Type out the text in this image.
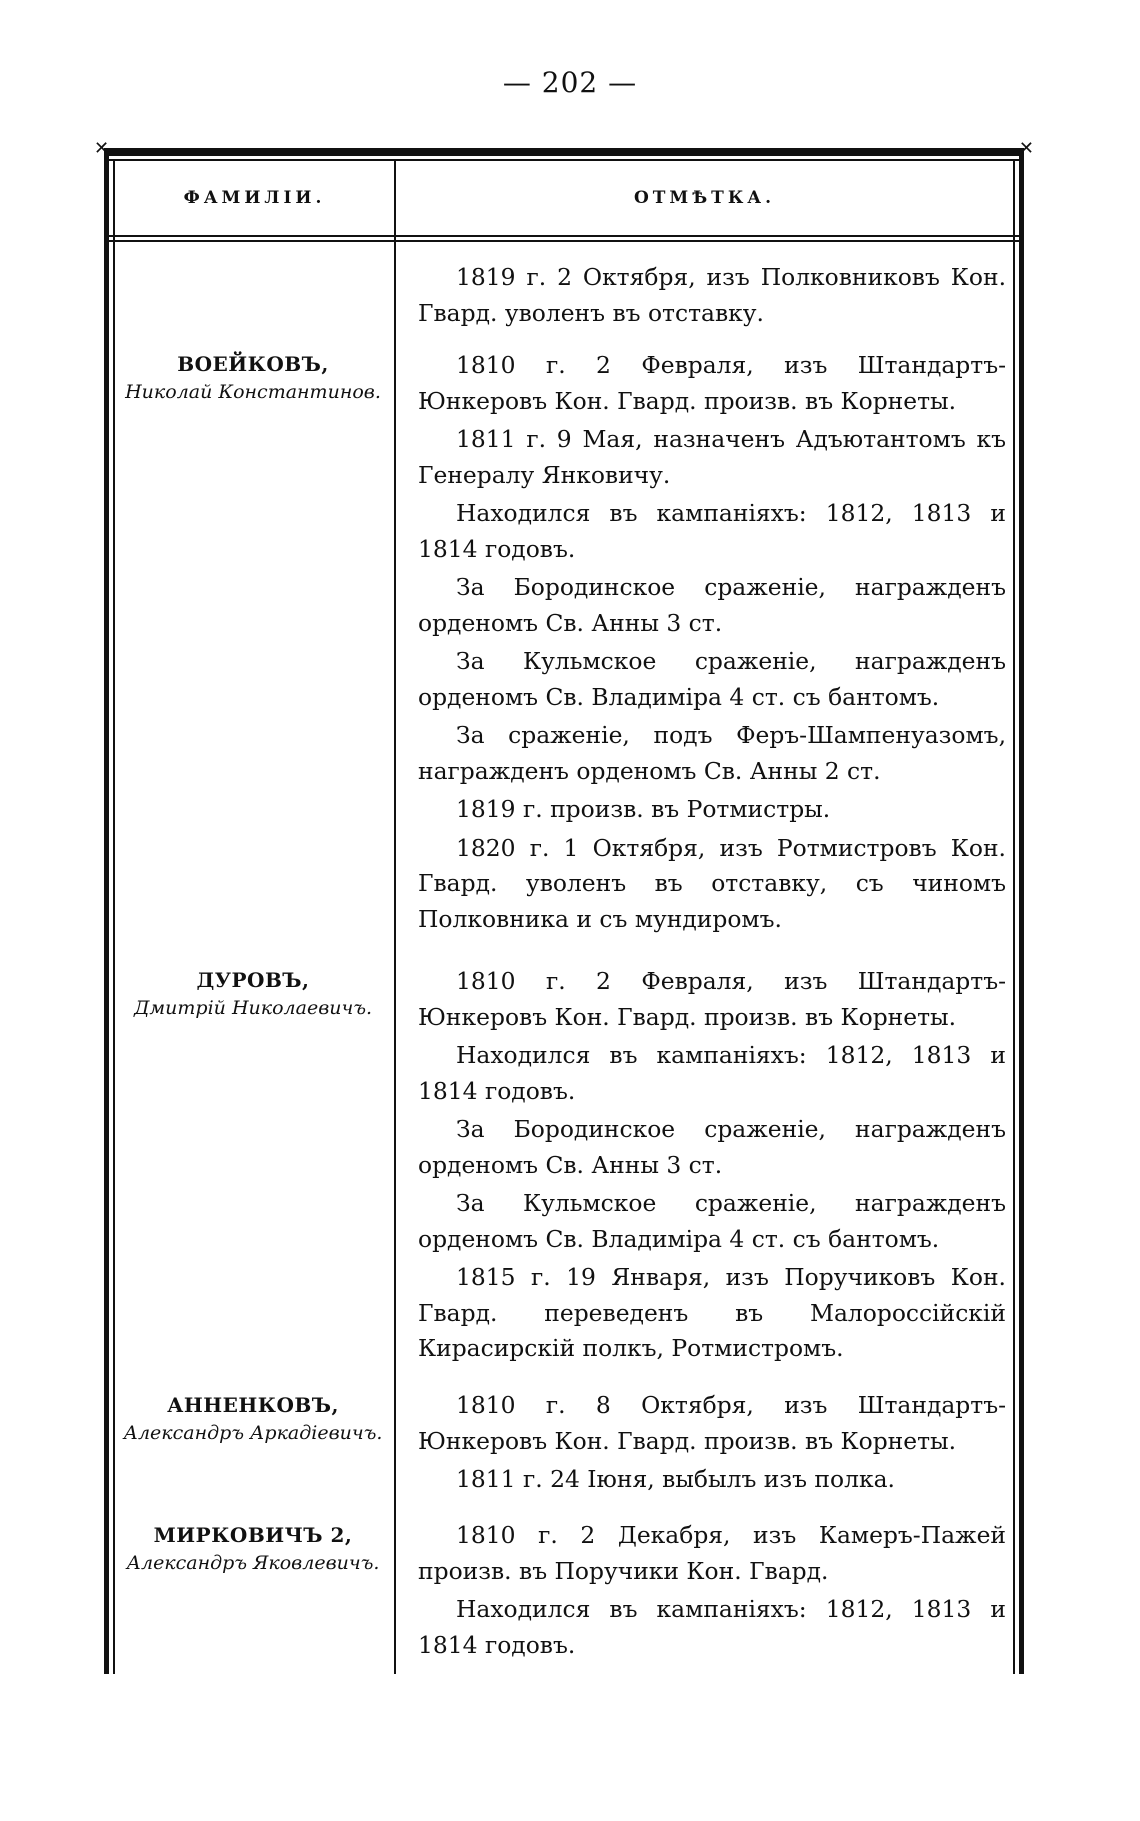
— 202 —
✕	✕
ФАМИЛІИ.	ОТМѢТКА.
ВОЕЙКОВЪ,
Николай Константинов.
ДУРОВЪ,
Дмитрій Николаевичъ.
АННЕНКОВЪ,
Александръ Аркадіевичъ.
МИРКОВИЧЪ 2,
Александръ Яковлевичъ.

1819 г. 2 Октября, изъ Полковниковъ Кон. Гвард. уволенъ въ отставку.

1810 г. 2 Февраля, изъ Штандартъ-Юнкеровъ Кон. Гвард. произв. въ Корнеты.

1811 г. 9 Мая, назначенъ Адъютантомъ къ Генералу Янковичу.

Находился въ кампаніяхъ: 1812, 1813 и 1814 годовъ.

За Бородинское сраженіе, награжденъ орденомъ Св. Анны 3 ст.

За Кульмское сраженіе, награжденъ орденомъ Св. Владиміра 4 ст. съ бантомъ.

За сраженіе, подъ Феръ-Шампенуазомъ, награжденъ орденомъ Св. Анны 2 ст.

1819 г. произв. въ Ротмистры.

1820 г. 1 Октября, изъ Ротмистровъ Кон. Гвард. уволенъ въ отставку, съ чиномъ Полковника и съ мундиромъ.

1810 г. 2 Февраля, изъ Штандартъ-Юнкеровъ Кон. Гвард. произв. въ Корнеты.

Находился въ кампаніяхъ: 1812, 1813 и 1814 годовъ.

За Бородинское сраженіе, награжденъ орденомъ Св. Анны 3 ст.

За Кульмское сраженіе, награжденъ орденомъ Св. Владиміра 4 ст. съ бантомъ.

1815 г. 19 Января, изъ Поручиковъ Кон. Гвард. переведенъ въ Малороссійскій Кирасирскій полкъ, Ротмистромъ.

1810 г. 8 Октября, изъ Штандартъ-Юнкеровъ Кон. Гвард. произв. въ Корнеты.

1811 г. 24 Іюня, выбылъ изъ полка.

1810 г. 2 Декабря, изъ Камеръ-Пажей произв. въ Поручики Кон. Гвард.

Находился въ кампаніяхъ: 1812, 1813 и 1814 годовъ.
